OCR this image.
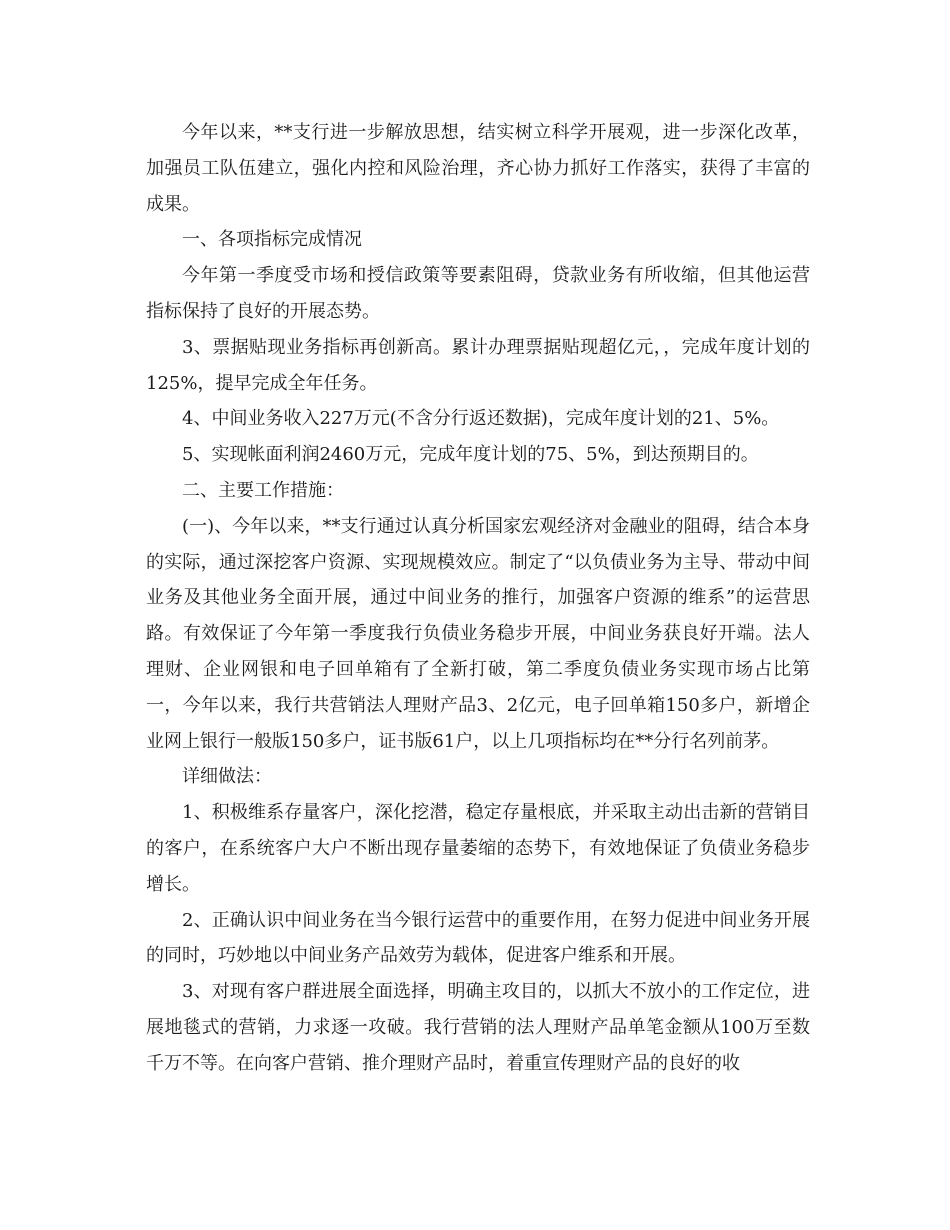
今年以来，**支行进一步解放思想，结实树立科学开展观，进一步深化改革，加强员工队伍建立，强化内控和风险治理，齐心协力抓好工作落实，获得了丰富的成果。

一、各项指标完成情况

今年第一季度受市场和授信政策等要素阻碍，贷款业务有所收缩，但其他运营指标保持了良好的开展态势。

3、票据贴现业务指标再创新高。累计办理票据贴现超亿元，，完成年度计划的125%，提早完成全年任务。

4、中间业务收入227万元(不含分行返还数据)，完成年度计划的21、5%。

5、实现帐面利润2460万元，完成年度计划的75、5%，到达预期目的。

二、主要工作措施：

(一)、今年以来，**支行通过认真分析国家宏观经济对金融业的阻碍，结合本身的实际，通过深挖客户资源、实现规模效应。制定了“以负债业务为主导、带动中间业务及其他业务全面开展，通过中间业务的推行，加强客户资源的维系”的运营思路。有效保证了今年第一季度我行负债业务稳步开展，中间业务获良好开端。法人理财、企业网银和电子回单箱有了全新打破，第二季度负债业务实现市场占比第一，今年以来，我行共营销法人理财产品3、2亿元，电子回单箱150多户，新增企业网上银行一般版150多户，证书版61户，以上几项指标均在**分行名列前茅。

详细做法：

1、积极维系存量客户，深化挖潜，稳定存量根底，并采取主动出击新的营销目的客户，在系统客户大户不断出现存量萎缩的态势下，有效地保证了负债业务稳步增长。

2、正确认识中间业务在当今银行运营中的重要作用，在努力促进中间业务开展的同时，巧妙地以中间业务产品效劳为载体，促进客户维系和开展。

3、对现有客户群进展全面选择，明确主攻目的，以抓大不放小的工作定位，进展地毯式的营销，力求逐一攻破。我行营销的法人理财产品单笔金额从100万至数千万不等。在向客户营销、推介理财产品时，着重宣传理财产品的良好的收
